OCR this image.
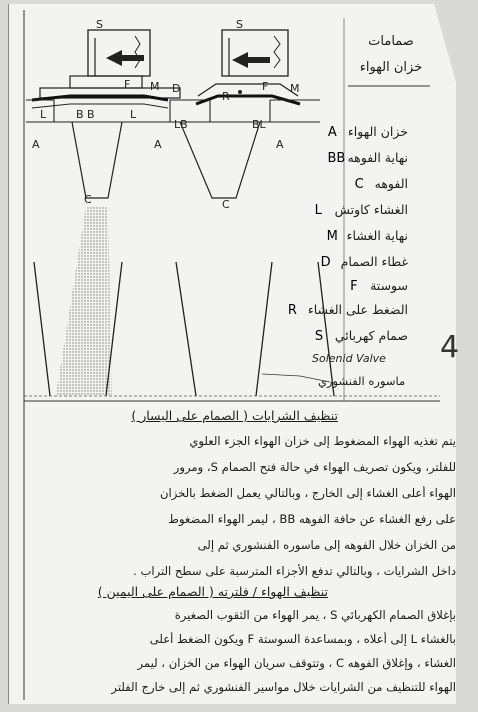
S
F M
L	B B	L
A
C
S
D
R
F M
LB	BL
A	A
C
صمامات
خزان الهواء
A خزان الهواء
BB نهاية الفوهه
C الفوهه
L الغشاء كاوتش
M نهاية الغشاء
D غطاء الصمام
F سوستة
R الضغط على الغشاء
S صمام كهربائي
Solenid Valve
ماسوره الفنشوري
4
تنظيف الشرايات ( الصمام على اليسار )
يتم تغذيه الهواء المضغوط إلى خزان الهواء الجزء العلوي
للفلتر، ويكون تصريف الهواء في حالة فتح الصمام S، ومرور
الهواء أعلى الغشاء إلى الخارج ، وبالتالي يعمل الضغط بالخزان
على رفع الغشاء عن حافة الفوهه BB ، ليمر الهواء المضغوط
من الخزان خلال الفوهه إلى ماسوره الفنشوري ثم إلى
داخل الشرايات ، وبالتالي تدفع الأجزاء المترسبة على سطح التراب .
تنظيف الهواء / فلترته ( الصمام على اليمين )
بإغلاق الصمام الكهربائي S ، يمر الهواء من الثقوب الصغيرة
بالغشاء L إلى أعلاه ، وبمساعدة السوستة F ويكون الضغط أعلى
الغشاء ، وإغلاق الفوهه C ، وتتوقف سريان الهواء من الخزان ، ليمر
الهواء للتنظيف من الشرايات خلال مواسير الفنشوري ثم إلى خارج الفلتر
